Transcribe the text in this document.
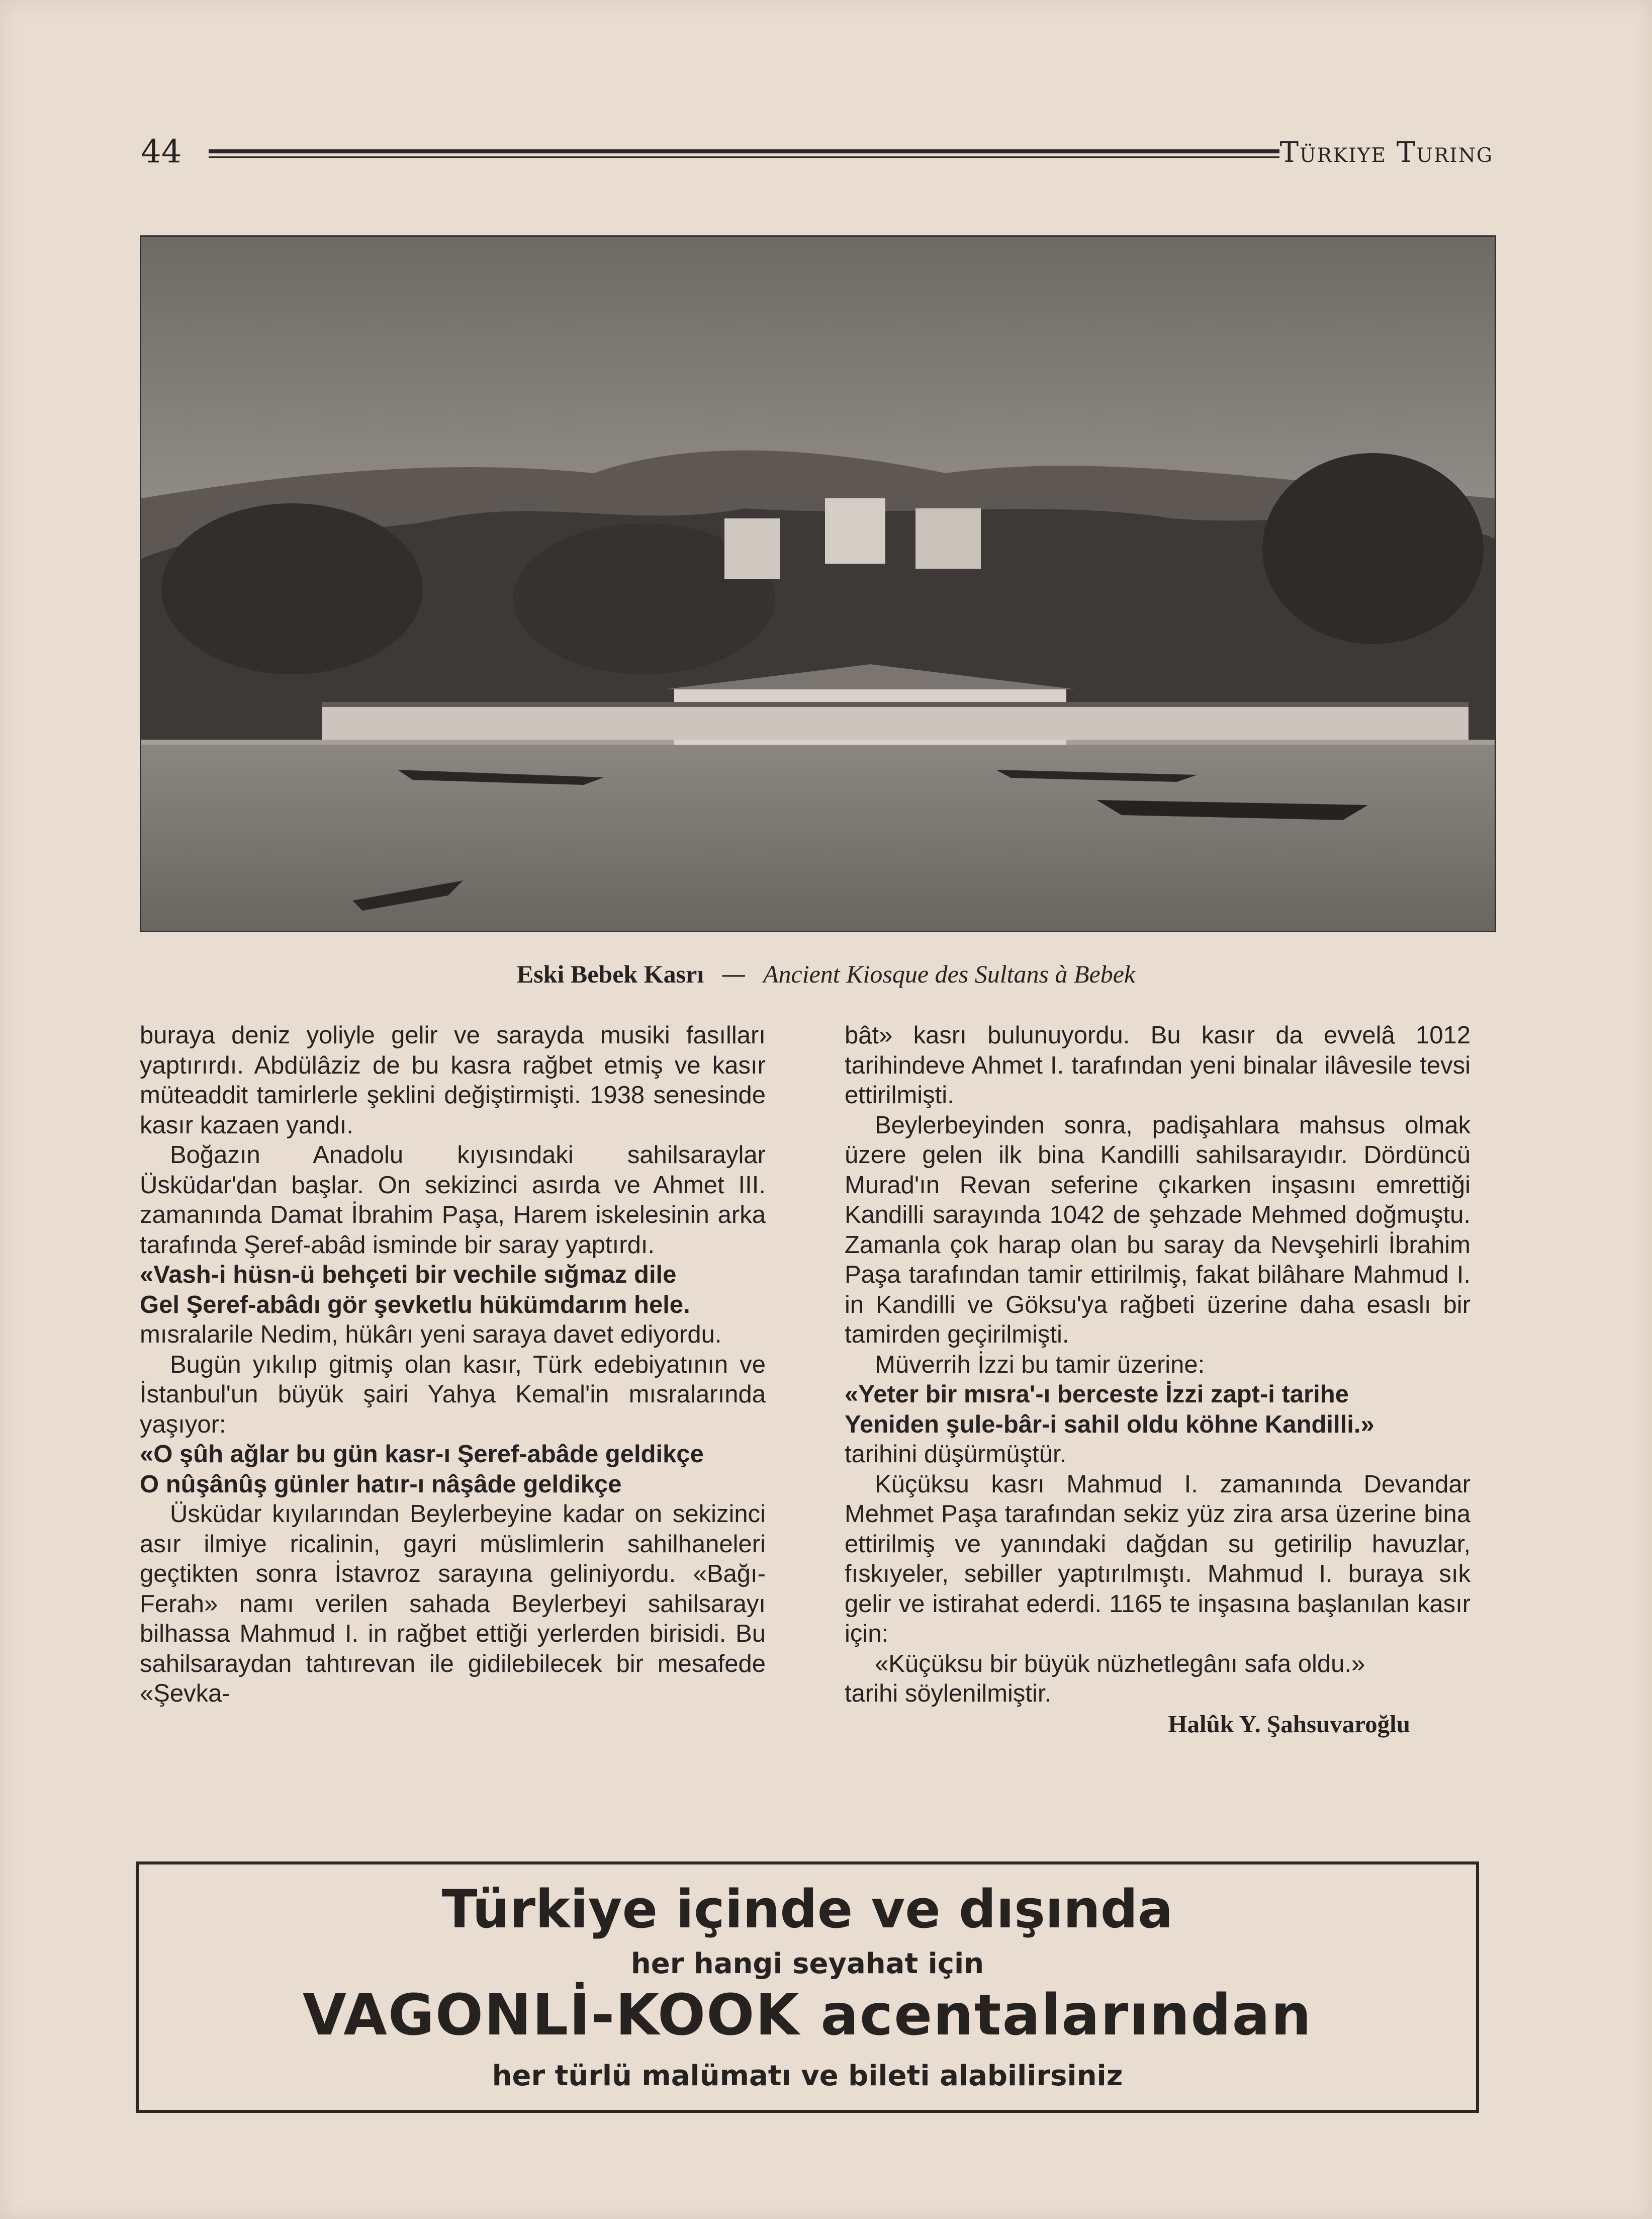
44	Türkiye Turing
Eski Bebek Kasrı — Ancient Kiosque des Sultans à Bebek

buraya deniz yoliyle gelir ve sarayda musiki fasılları yaptırırdı. Abdülâziz de bu kasra rağbet etmiş ve kasır müteaddit tamirlerle şeklini değiştirmişti. 1938 senesinde kasır kazaen yandı.

Boğazın Anadolu kıyısındaki sahilsaraylar Üsküdar'dan başlar. On sekizinci asırda ve Ahmet III. zamanında Damat İbrahim Paşa, Harem iskelesinin arka tarafında Şeref-abâd isminde bir saray yaptırdı.

«Vash-i hüsn-ü behçeti bir vechile sığmaz dile

Gel Şeref-abâdı gör şevketlu hükümdarım hele.

mısralarile Nedim, hükârı yeni saraya davet ediyordu.

Bugün yıkılıp gitmiş olan kasır, Türk edebiyatının ve İstanbul'un büyük şairi Yahya Kemal'in mısralarında yaşıyor:

«O şûh ağlar bu gün kasr-ı Şeref-abâde geldikçe

O nûşânûş günler hatır-ı nâşâde geldikçe

Üsküdar kıyılarından Beylerbeyine kadar on sekizinci asır ilmiye ricalinin, gayri müslimlerin sahilhaneleri geçtikten sonra İstavroz sarayına geliniyordu. «Bağı-Ferah» namı verilen sahada Beylerbeyi sahilsarayı bilhassa Mahmud I. in rağbet ettiği yerlerden birisidi. Bu sahilsaraydan tahtırevan ile gidilebilecek bir mesafede «Şevka-

bât» kasrı bulunuyordu. Bu kasır da evvelâ 1012 tarihindeve Ahmet I. tarafından yeni binalar ilâvesile tevsi ettirilmişti.

Beylerbeyinden sonra, padişahlara mahsus olmak üzere gelen ilk bina Kandilli sahilsarayıdır. Dördüncü Murad'ın Revan seferine çıkarken inşasını emrettiği Kandilli sarayında 1042 de şehzade Mehmed doğmuştu. Zamanla çok harap olan bu saray da Nevşehirli İbrahim Paşa tarafından tamir ettirilmiş, fakat bilâhare Mahmud I. in Kandilli ve Göksu'ya rağbeti üzerine daha esaslı bir tamirden geçirilmişti.

Müverrih İzzi bu tamir üzerine:

«Yeter bir mısra'-ı berceste İzzi zapt-i tarihe

Yeniden şule-bâr-i sahil oldu köhne Kandilli.»

tarihini düşürmüştür.

Küçüksu kasrı Mahmud I. zamanında Devandar Mehmet Paşa tarafından sekiz yüz zira arsa üzerine bina ettirilmiş ve yanındaki dağdan su getirilip havuzlar, fıskıyeler, sebiller yaptırılmıştı. Mahmud I. buraya sık gelir ve istirahat ederdi. 1165 te inşasına başlanılan kasır için:

«Küçüksu bir büyük nüzhetlegânı safa oldu.»

tarihi söylenilmiştir.

Halûk Y. Şahsuvaroğlu

Türkiye içinde ve dışında
her hangi seyahat için
VAGONLİ-KOOK acentalarından
her türlü malümatı ve bileti alabilirsiniz
